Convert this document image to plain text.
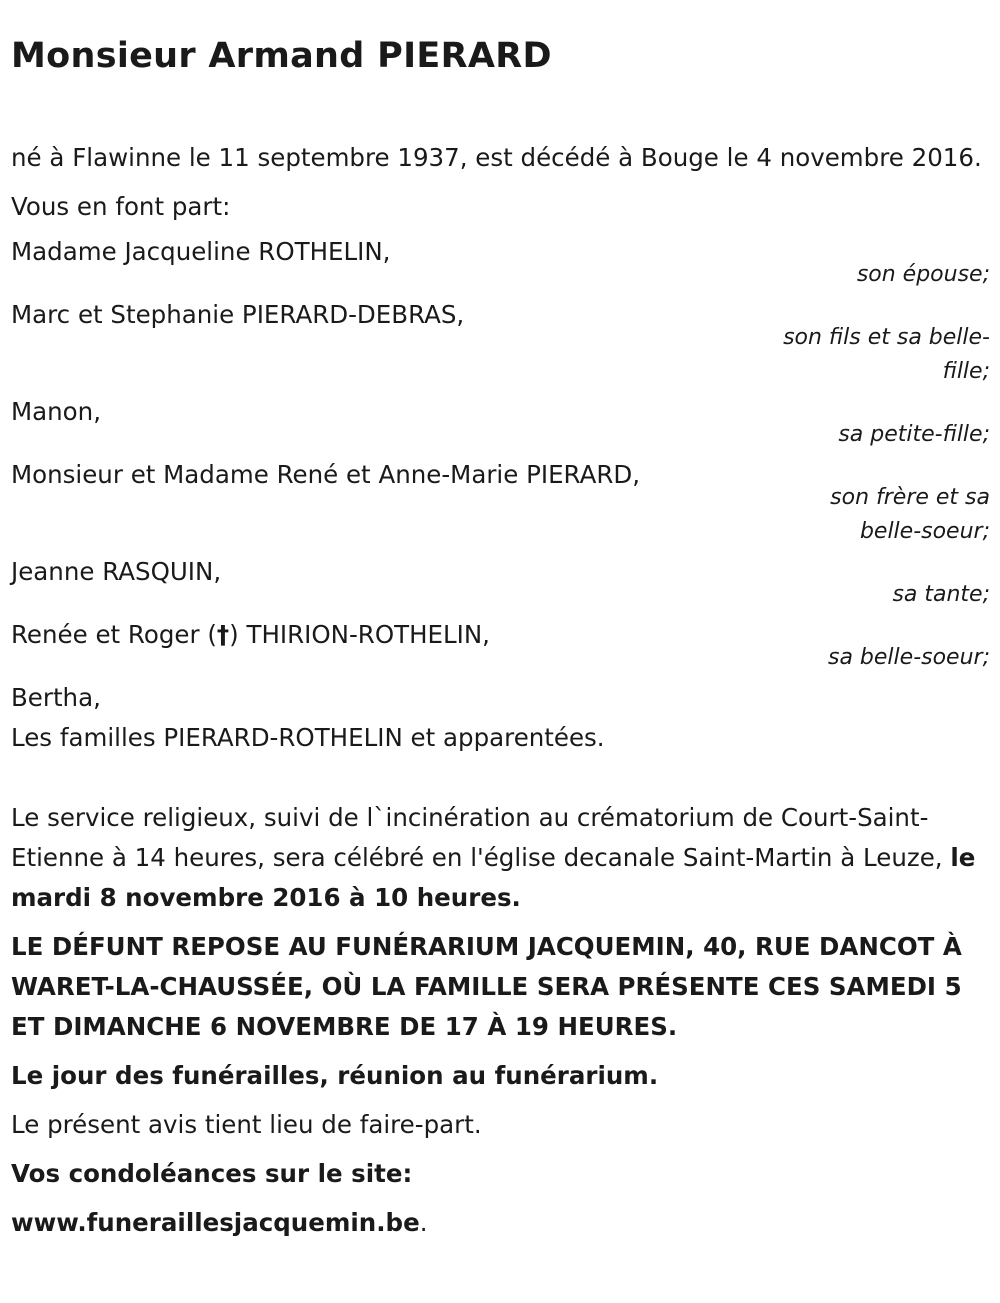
Monsieur Armand PIERARD

né à Flawinne le 11 septembre 1937, est décédé à Bouge le 4 novembre 2016.

Vous en font part:

Madame Jacqueline ROTHELIN,
son épouse;
Marc et Stephanie PIERARD-DEBRAS,
son fils et sa belle-fille;
Manon,
sa petite-fille;
Monsieur et Madame René et Anne-Marie PIERARD,
son frère et sa belle-soeur;
Jeanne RASQUIN,
sa tante;
Renée et Roger (†) THIRION-ROTHELIN,
sa belle-soeur;

Bertha,

Les familles PIERARD-ROTHELIN et apparentées.

Le service religieux, suivi de l`incinération au crématorium de Court-Saint-Etienne à 14 heures, sera célébré en l'église decanale Saint-Martin à Leuze, le mardi 8 novembre 2016 à 10 heures.

LE DÉFUNT REPOSE AU FUNÉRARIUM JACQUEMIN, 40, RUE DANCOT À WARET-LA-CHAUSSÉE, OÙ LA FAMILLE SERA PRÉSENTE CES SAMEDI 5 ET DIMANCHE 6 NOVEMBRE DE 17 À 19 HEURES.

Le jour des funérailles, réunion au funérarium.

Le présent avis tient lieu de faire-part.

Vos condoléances sur le site:

www.funeraillesjacquemin.be.
